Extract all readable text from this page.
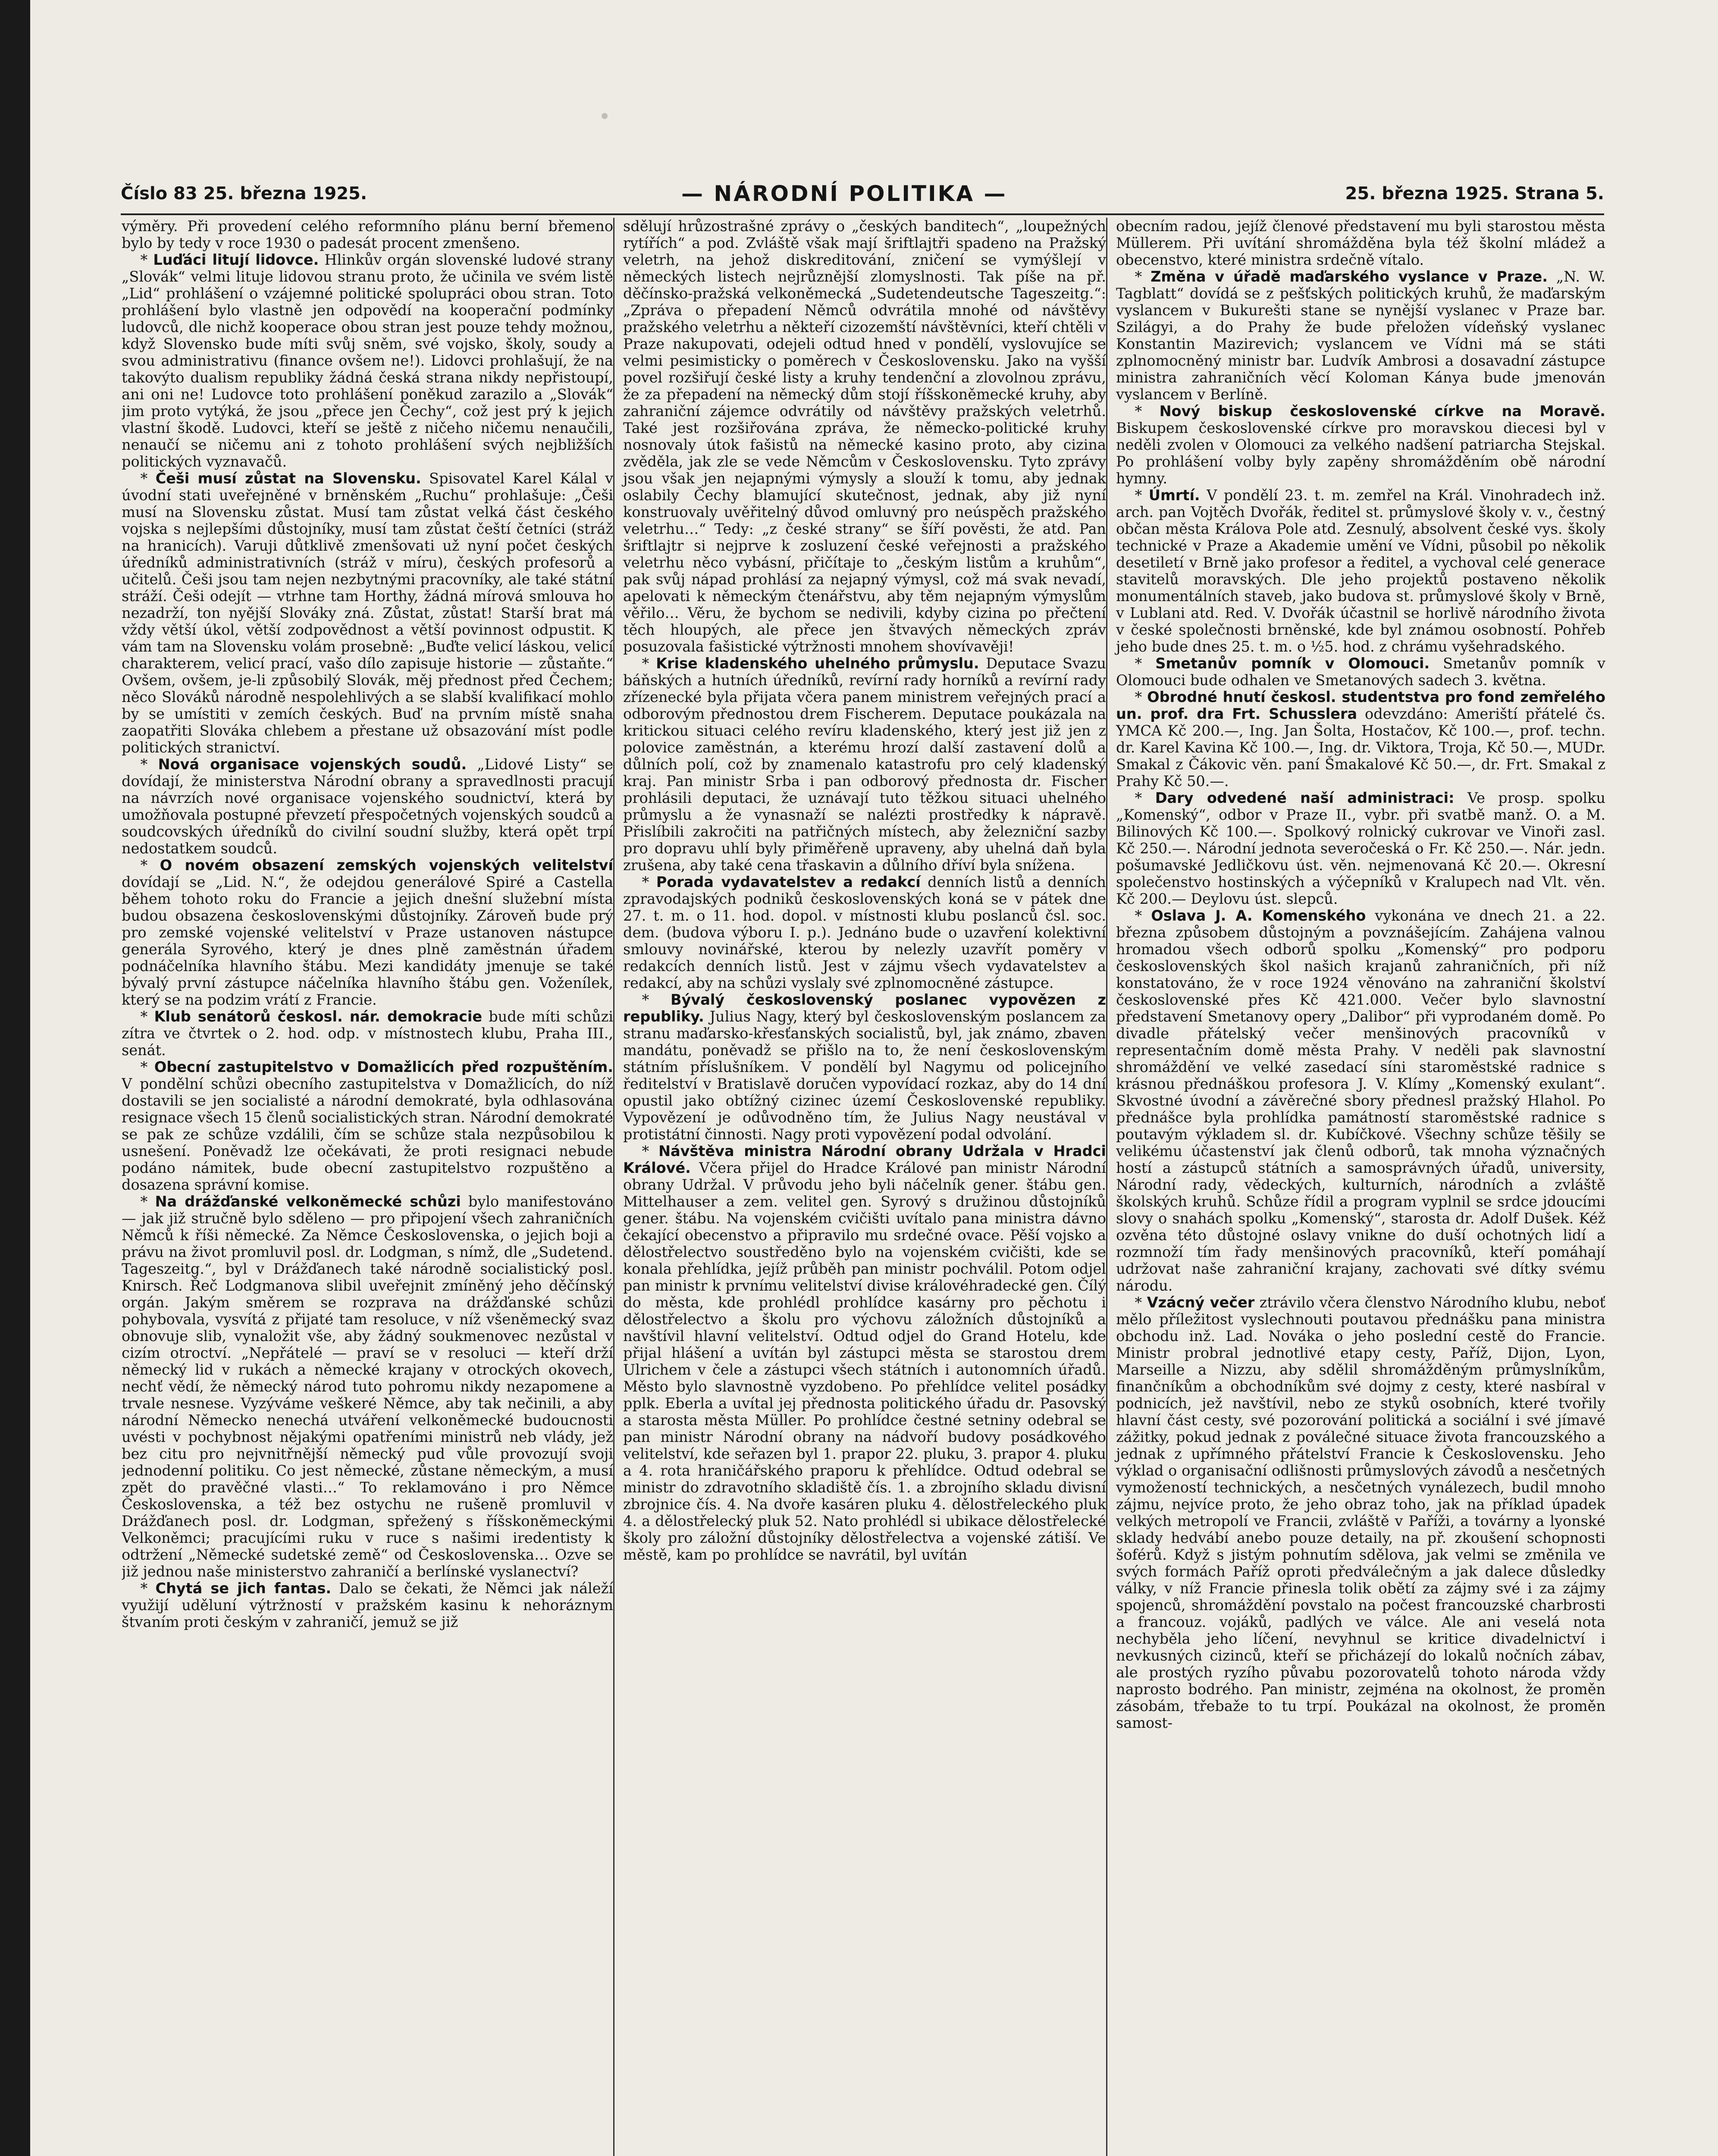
Číslo 83 25. března 1925.	— NÁRODNÍ POLITIKA —	25. března 1925. Strana 5.

výměry. Při provedení celého reformního plánu berní břemeno bylo by tedy v roce 1930 o padesát procent zmenšeno.

* Luďáci litují lidovce. Hlinkův orgán slovenské ludové strany „Slovák“ velmi lituje lidovou stranu proto, že učinila ve svém listě „Lid“ prohlášení o vzájemné politické spolupráci obou stran. Toto prohlášení bylo vlastně jen odpovědí na kooperační podmínky ludovců, dle nichž kooperace obou stran jest pouze tehdy možnou, když Slovensko bude míti svůj sněm, své vojsko, školy, soudy a svou administrativu (finance ovšem ne!). Lidovci prohlašují, že na takovýto dualism republiky žádná česká strana nikdy nepřistoupí, ani oni ne! Ludovce toto prohlášení poněkud zarazilo a „Slovák“ jim proto vytýká, že jsou „přece jen Čechy“, což jest prý k jejich vlastní škodě. Ludovci, kteří se ještě z ničeho ničemu nenaučili, nenaučí se ničemu ani z tohoto prohlášení svých nejbližších politických vyznavačů.

* Češi musí zůstat na Slovensku. Spisovatel Karel Kálal v úvodní stati uveřejněné v brněnském „Ruchu“ prohlašuje: „Češi musí na Slovensku zůstat. Musí tam zůstat velká část českého vojska s nejlepšími důstojníky, musí tam zůstat čeští četníci (stráž na hranicích). Varuji důtklivě zmenšovati už nyní počet českých úředníků administrativních (stráž v míru), českých profesorů a učitelů. Češi jsou tam nejen nezbytnými pracovníky, ale také státní stráží. Češi odejít — vtrhne tam Horthy, žádná mírová smlouva ho nezadrží, ton nyější Slováky zná. Zůstat, zůstat! Starší brat má vždy větší úkol, větší zodpovědnost a větší povinnost odpustit. K vám tam na Slovensku volám prosebně: „Buďte velicí láskou, velicí charakterem, velicí prací, vašo dílo zapisuje historie — zůstaňte.“ Ovšem, ovšem, je-li způsobilý Slovák, měj přednost před Čechem; něco Slováků národně nespolehlivých a se slabší kvalifikací mohlo by se umístiti v zemích českých. Buď na prvním místě snaha zaopatřiti Slováka chlebem a přestane už obsazování míst podle politických stranictví.

* Nová organisace vojenských soudů. „Lidové Listy“ se dovídají, že ministerstva Národní obrany a spravedlnosti pracují na návrzích nové organisace vojenského soudnictví, která by umožňovala postupné převzetí přespočetných vojenských soudců a soudcovských úředníků do civilní soudní služby, která opět trpí nedostatkem soudců.

* O novém obsazení zemských vojenských velitelství dovídají se „Lid. N.“, že odejdou generálové Spiré a Castella během tohoto roku do Francie a jejich dnešní služební místa budou obsazena československými důstojníky. Zároveň bude prý pro zemské vojenské velitelství v Praze ustanoven nástupce generála Syrového, který je dnes plně zaměstnán úřadem podnáčelníka hlavního štábu. Mezi kandidáty jmenuje se také bývalý první zástupce náčelníka hlavního štábu gen. Voženílek, který se na podzim vrátí z Francie.

* Klub senátorů českosl. nár. demokracie bude míti schůzi zítra ve čtvrtek o 2. hod. odp. v místnostech klubu, Praha III., senát.

* Obecní zastupitelstvo v Domažlicích před rozpuštěním. V pondělní schůzi obecního zastupitelstva v Domažlicích, do níž dostavili se jen socialisté a národní demokraté, byla odhlasována resignace všech 15 členů socialistických stran. Národní demokraté se pak ze schůze vzdálili, čím se schůze stala nezpůsobilou k usnešení. Poněvadž lze očekávati, že proti resignaci nebude podáno námitek, bude obecní zastupitelstvo rozpuštěno a dosazena správní komise.

* Na drážďanské velkoněmecké schůzi bylo manifestováno — jak již stručně bylo sděleno — pro připojení všech zahraničních Němců k říši německé. Za Němce Československa, o jejich boji a právu na život promluvil posl. dr. Lodgman, s nímž, dle „Sudetend. Tageszeitg.“, byl v Drážďanech také národně socialistický posl. Knirsch. Řeč Lodgmanova slibil uveřejnit zmíněný jeho děčínský orgán. Jakým směrem se rozprava na drážďanské schůzi pohybovala, vysvítá z přijaté tam resoluce, v níž všeněmecký svaz obnovuje slib, vynaložit vše, aby žádný soukmenovec nezůstal v cizím otroctví. „Nepřátelé — praví se v resoluci — kteří drží německý lid v rukách a německé krajany v otrockých okovech, nechť vědí, že německý národ tuto pohromu nikdy nezapomene a trvale nesnese. Vyzýváme veškeré Němce, aby tak nečinili, a aby národní Německo nenechá utváření velkoněmecké budoucnosti uvésti v pochybnost nějakými opatřeními ministrů neb vlády, jež bez citu pro nejvnitřnější německý pud vůle provozují svoji jednodenní politiku. Co jest německé, zůstane německým, a musí zpět do pravěčné vlasti…“ To reklamováno i pro Němce Československa, a též bez ostychu ne rušeně promluvil v Drážďanech posl. dr. Lodgman, spřežený s říšskoněmeckými Velkoněmci; pracujícími ruku v ruce s našimi iredentisty k odtržení „Německé sudetské země“ od Československa… Ozve se již jednou naše ministerstvo zahraničí a berlínské vyslanectví?

* Chytá se jich fantas. Dalo se čekati, že Němci jak náleží využijí uděluní výtržností v pražském kasinu k nehoráznym štvaním proti českým v zahraničí, jemuž se již

sdělují hrůzostrašné zprávy o „českých banditech“, „loupežných rytířích“ a pod. Zvláště však mají šriftlajtři spadeno na Pražský veletrh, na jehož diskreditování, zničení se vymýšlejí v německých listech nejrůznější zlomyslnosti. Tak píše na př. děčínsko-pražská velkoněmecká „Sudetendeutsche Tageszeitg.“: „Zpráva o přepadení Němců odvrátila mnohé od návštěvy pražského veletrhu a někteří cizozemští návštěvníci, kteří chtěli v Praze nakupovati, odejeli odtud hned v pondělí, vyslovujíce se velmi pesimisticky o poměrech v Československu. Jako na vyšší povel rozšiřují české listy a kruhy tendenční a zlovolnou zprávu, že za přepadení na německý dům stojí říšskoněmecké kruhy, aby zahraniční zájemce odvrátily od návštěvy pražských veletrhů. Také jest rozšiřována zpráva, že německo-politické kruhy nosnovaly útok fašistů na německé kasino proto, aby cizina zvěděla, jak zle se vede Němcům v Československu. Tyto zprávy jsou však jen nejapnými výmysly a slouží k tomu, aby jednak oslabily Čechy blamující skutečnost, jednak, aby již nyní konstruovaly uvěřitelný důvod omluvný pro neúspěch pražského veletrhu…“ Tedy: „z české strany“ se šíří pověsti, že atd. Pan šriftlajtr si nejprve k zosluzení české veřejnosti a pražského veletrhu něco vybásní, přičítaje to „českým listům a kruhům“, pak svůj nápad prohlásí za nejapný výmysl, což má svak nevadí, apelovati k německým čtenářstvu, aby těm nejapným výmyslům věřilo… Věru, že bychom se nedivili, kdyby cizina po přečtení těch hloupých, ale přece jen štvavých německých zpráv posuzovala fašistické výtržnosti mnohem shovívavěji!

* Krise kladenského uhelného průmyslu. Deputace Svazu báňských a hutních úředníků, revírní rady horníků a revírní rady zřízenecké byla přijata včera panem ministrem veřejných prací a odborovým přednostou drem Fischerem. Deputace poukázala na kritickou situaci celého revíru kladenského, který jest již jen z polovice zaměstnán, a kterému hrozí další zastavení dolů a důlních polí, což by znamenalo katastrofu pro celý kladenský kraj. Pan ministr Srba i pan odborový přednosta dr. Fischer prohlásili deputaci, že uznávají tuto těžkou situaci uhelného průmyslu a že vynasnaží se nalézti prostředky k nápravě. Přislíbili zakročiti na patřičných místech, aby železniční sazby pro dopravu uhlí byly přiměřeně upraveny, aby uhelná daň byla zrušena, aby také cena třaskavin a důlního dříví byla snížena.

* Porada vydavatelstev a redakcí denních listů a denních zpravodajských podniků československých koná se v pátek dne 27. t. m. o 11. hod. dopol. v místnosti klubu poslanců čsl. soc. dem. (budova výboru I. p.). Jednáno bude o uzavření kolektivní smlouvy novinářské, kterou by nelezly uzavřít poměry v redakcích denních listů. Jest v zájmu všech vydavatelstev a redakcí, aby na schůzi vyslaly své zplnomocněné zástupce.

* Bývalý československý poslanec vypovězen z republiky. Julius Nagy, který byl československým poslancem za stranu maďarsko-křesťanských socialistů, byl, jak známo, zbaven mandátu, poněvadž se přišlo na to, že není československým státním příslušníkem. V pondělí byl Nagymu od policejního ředitelství v Bratislavě doručen vypovídací rozkaz, aby do 14 dní opustil jako obtížný cizinec území Československé republiky. Vypovězení je odůvodněno tím, že Julius Nagy neustával v protistátní činnosti. Nagy proti vypovězení podal odvolání.

* Návštěva ministra Národní obrany Udržala v Hradci Králové. Včera přijel do Hradce Králové pan ministr Národní obrany Udržal. V průvodu jeho byli náčelník gener. štábu gen. Mittelhauser a zem. velitel gen. Syrový s družinou důstojníků gener. štábu. Na vojenském cvičišti uvítalo pana ministra dávno čekající obecenstvo a připravilo mu srdečné ovace. Pěší vojsko a dělostřelectvo soustředěno bylo na vojenském cvičišti, kde se konala přehlídka, jejíž průběh pan ministr pochválil. Potom odjel pan ministr k prvnímu velitelství divise královéhradecké gen. Čílý do města, kde prohlédl prohlídce kasárny pro pěchotu i dělostřelectvo a školu pro výchovu záložních důstojníků a navštívil hlavní velitelství. Odtud odjel do Grand Hotelu, kde přijal hlášení a uvítán byl zástupci města se starostou drem Ulrichem v čele a zástupci všech státních i autonomních úřadů. Město bylo slavnostně vyzdobeno. Po přehlídce velitel posádky pplk. Eberla a uvítal jej přednosta politického úřadu dr. Pasovský a starosta města Müller. Po prohlídce čestné setniny odebral se pan ministr Národní obrany na nádvoří budovy posádkového velitelství, kde seřazen byl 1. prapor 22. pluku, 3. prapor 4. pluku a 4. rota hraničářského praporu k přehlídce. Odtud odebral se ministr do zdravotního skladiště čís. 1. a zbrojního skladu divisní zbrojnice čís. 4. Na dvoře kasáren pluku 4. dělostřeleckého pluk 4. a dělostřelecký pluk 52. Nato prohlédl si ubikace dělostřelecké školy pro záložní důstojníky dělostřelectva a vojenské zátiší. Ve městě, kam po prohlídce se navrátil, byl uvítán

obecním radou, jejíž členové představení mu byli starostou města Müllerem. Při uvítání shromážděna byla též školní mládež a obecenstvo, které ministra srdečně vítalo.

* Změna v úřadě maďarského vyslance v Praze. „N. W. Tagblatt“ dovídá se z pešťských politických kruhů, že maďarským vyslancem v Bukurešti stane se nynější vyslanec v Praze bar. Szilágyi, a do Prahy že bude přeložen vídeňský vyslanec Konstantin Mazirevich; vyslancem ve Vídni má se státi zplnomocněný ministr bar. Ludvík Ambrosi a dosavadní zástupce ministra zahraničních věcí Koloman Kánya bude jmenován vyslancem v Berlíně.

* Nový biskup československé církve na Moravě. Biskupem československé církve pro moravskou diecesi byl v neděli zvolen v Olomouci za velkého nadšení patriarcha Stejskal. Po prohlášení volby byly zapěny shromážděním obě národní hymny.

* Úmrtí. V pondělí 23. t. m. zemřel na Král. Vinohradech inž. arch. pan Vojtěch Dvořák, ředitel st. průmyslové školy v. v., čestný občan města Králova Pole atd. Zesnulý, absolvent české vys. školy technické v Praze a Akademie umění ve Vídni, působil po několik desetiletí v Brně jako profesor a ředitel, a vychoval celé generace stavitelů moravských. Dle jeho projektů postaveno několik monumentálních staveb, jako budova st. průmyslové školy v Brně, v Lublani atd. Red. V. Dvořák účastnil se horlivě národního života v české společnosti brněnské, kde byl známou osobností. Pohřeb jeho bude dnes 25. t. m. o ½5. hod. z chrámu vyšehradského.

* Smetanův pomník v Olomouci. Smetanův pomník v Olomouci bude odhalen ve Smetanových sadech 3. května.

* Obrodné hnutí českosl. studentstva pro fond zemřelého un. prof. dra Frt. Schusslera odevzdáno: Ameriští přátelé čs. YMCA Kč 200.—, Ing. Jan Šolta, Hostačov, Kč 100.—, prof. techn. dr. Karel Kavina Kč 100.—, Ing. dr. Viktora, Troja, Kč 50.—, MUDr. Smakal z Čákovic věn. paní Šmakalové Kč 50.—, dr. Frt. Smakal z Prahy Kč 50.—.

* Dary odvedené naší administraci: Ve prosp. spolku „Komenský“, odbor v Praze II., vybr. při svatbě manž. O. a M. Bilinových Kč 100.—. Spolkový rolnický cukrovar ve Vinoři zasl. Kč 250.—. Národní jednota severočeská o Fr. Kč 250.—. Nár. jedn. pošumavské Jedličkovu úst. věn. nejmenovaná Kč 20.—. Okresní společenstvo hostinských a výčepníků v Kralupech nad Vlt. věn. Kč 200.— Deylovu úst. slepců.

* Oslava J. A. Komenského vykonána ve dnech 21. a 22. března způsobem důstojným a povznášejícím. Zahájena valnou hromadou všech odborů spolku „Komenský“ pro podporu československých škol našich krajanů zahraničních, při níž konstatováno, že v roce 1924 věnováno na zahraniční školství československé přes Kč 421.000. Večer bylo slavnostní představení Smetanovy opery „Dalibor“ při vyprodaném domě. Po divadle přátelský večer menšinových pracovníků v representačním domě města Prahy. V neděli pak slavnostní shromáždění ve velké zasedací síni staroměstské radnice s krásnou přednáškou profesora J. V. Klímy „Komenský exulant“. Skvostné úvodní a závěrečné sbory přednesl pražský Hlahol. Po přednášce byla prohlídka památností staroměstské radnice s poutavým výkladem sl. dr. Kubíčkové. Všechny schůze těšily se velikému účastenství jak členů odborů, tak mnoha význačných hostí a zástupců státních a samosprávných úřadů, university, Národní rady, vědeckých, kulturních, národních a zvláště školských kruhů. Schůze řídil a program vyplnil se srdce jdoucími slovy o snahách spolku „Komenský“, starosta dr. Adolf Dušek. Kéž ozvěna této důstojné oslavy vnikne do duší ochotných lidí a rozmnoží tím řady menšinových pracovníků, kteří pomáhají udržovat naše zahraniční krajany, zachovati své dítky svému národu.

* Vzácný večer ztrávilo včera členstvo Národního klubu, neboť mělo příležitost vyslechnouti poutavou přednášku pana ministra obchodu inž. Lad. Nováka o jeho poslední cestě do Francie. Ministr probral jednotlivé etapy cesty, Paříž, Dijon, Lyon, Marseille a Nizzu, aby sdělil shromážděným průmyslníkům, finančníkům a obchodníkům své dojmy z cesty, které nasbíral v podnicích, jež navštívil, nebo ze styků osobních, které tvořily hlavní část cesty, své pozorování politická a sociální i své jímavé zážitky, pokud jednak z poválečné situace života francouzského a jednak z upřímného přátelství Francie k Československu. Jeho výklad o organisační odlišnosti průmyslových závodů a nesčetných vymožeností technických, a nesčetných vynálezech, budil mnoho zájmu, nejvíce proto, že jeho obraz toho, jak na příklad úpadek velkých metropolí ve Francii, zvláště v Paříži, a továrny a lyonské sklady hedvábí anebo pouze detaily, na př. zkoušení schopnosti šoférů. Když s jistým pohnutím sdělova, jak velmi se změnila ve svých formách Paříž oproti předválečným a jak dalece důsledky války, v níž Francie přinesla tolik obětí za zájmy své i za zájmy spojenců, shromáždění povstalo na počest francouzské charbrosti a francouz. vojáků, padlých ve válce. Ale ani veselá nota nechyběla jeho líčení, nevyhnul se kritice divadelnictví i nevkusných cizinců, kteří se přicházejí do lokalů nočních zábav, ale prostých ryzího půvabu pozorovatelů tohoto národa vždy naprosto bodrého. Pan ministr, zejména na okolnost, že proměn zásobám, třebaže to tu trpí. Poukázal na okolnost, že proměn samost-
